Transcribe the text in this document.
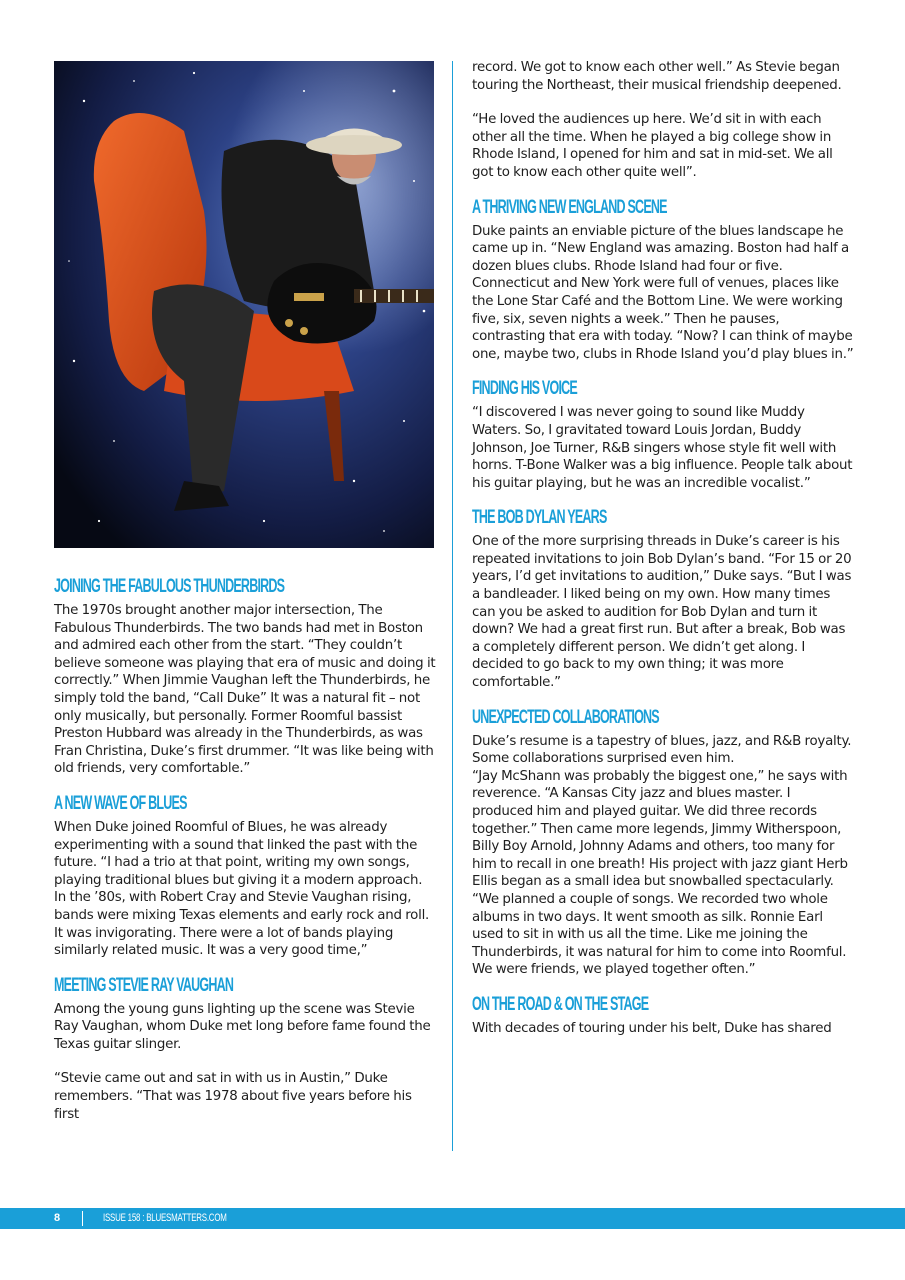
JOINING THE FABULOUS THUNDERBIRDS

The 1970s brought another major intersection, The Fabulous Thunderbirds. The two bands had met in Boston and admired each other from the start. “They couldn’t believe someone was playing that era of music and doing it correctly.” When Jimmie Vaughan left the Thunderbirds, he simply told the band, “Call Duke” It was a natural fit – not only musically, but personally. Former Roomful bassist Preston Hubbard was already in the Thunderbirds, as was Fran Christina, Duke’s first drummer. “It was like being with old friends, very comfortable.”

A NEW WAVE OF BLUES

When Duke joined Roomful of Blues, he was already experimenting with a sound that linked the past with the future. “I had a trio at that point, writing my own songs, playing traditional blues but giving it a modern approach. In the ’80s, with Robert Cray and Stevie Vaughan rising, bands were mixing Texas elements and early rock and roll. It was invigorating. There were a lot of bands playing similarly related music. It was a very good time,”

MEETING STEVIE RAY VAUGHAN

Among the young guns lighting up the scene was Stevie Ray Vaughan, whom Duke met long before fame found the Texas guitar slinger.

“Stevie came out and sat in with us in Austin,” Duke remembers. “That was 1978 about five years before his first

record. We got to know each other well.” As Stevie began touring the Northeast, their musical friendship deepened.

“He loved the audiences up here. We’d sit in with each other all the time. When he played a big college show in Rhode Island, I opened for him and sat in mid-set. We all got to know each other quite well”.

A THRIVING NEW ENGLAND SCENE

Duke paints an enviable picture of the blues landscape he came up in. “New England was amazing. Boston had half a dozen blues clubs. Rhode Island had four or five. Connecticut and New York were full of venues, places like the Lone Star Café and the Bottom Line. We were working five, six, seven nights a week.” Then he pauses, contrasting that era with today. “Now? I can think of maybe one, maybe two, clubs in Rhode Island you’d play blues in.”

FINDING HIS VOICE

“I discovered I was never going to sound like Muddy Waters. So, I gravitated toward Louis Jordan, Buddy Johnson, Joe Turner, R&B singers whose style fit well with horns. T-Bone Walker was a big influence. People talk about his guitar playing, but he was an incredible vocalist.”

THE BOB DYLAN YEARS

One of the more surprising threads in Duke’s career is his repeated invitations to join Bob Dylan’s band. “For 15 or 20 years, I’d get invitations to audition,” Duke says. “But I was a bandleader. I liked being on my own. How many times can you be asked to audition for Bob Dylan and turn it down? We had a great first run. But after a break, Bob was a completely different person. We didn’t get along. I decided to go back to my own thing; it was more comfortable.”

UNEXPECTED COLLABORATIONS

Duke’s resume is a tapestry of blues, jazz, and R&B royalty. Some collaborations surprised even him.

“Jay McShann was probably the biggest one,” he says with reverence. “A Kansas City jazz and blues master. I produced him and played guitar. We did three records together.” Then came more legends, Jimmy Witherspoon, Billy Boy Arnold, Johnny Adams and others, too many for him to recall in one breath! His project with jazz giant Herb Ellis began as a small idea but snowballed spectacularly. “We planned a couple of songs. We recorded two whole albums in two days. It went smooth as silk. Ronnie Earl used to sit in with us all the time. Like me joining the Thunderbirds, it was natural for him to come into Roomful. We were friends, we played together often.”

ON THE ROAD & ON THE STAGE

With decades of touring under his belt, Duke has shared

8	ISSUE 158 : BLUESMATTERS.COM
